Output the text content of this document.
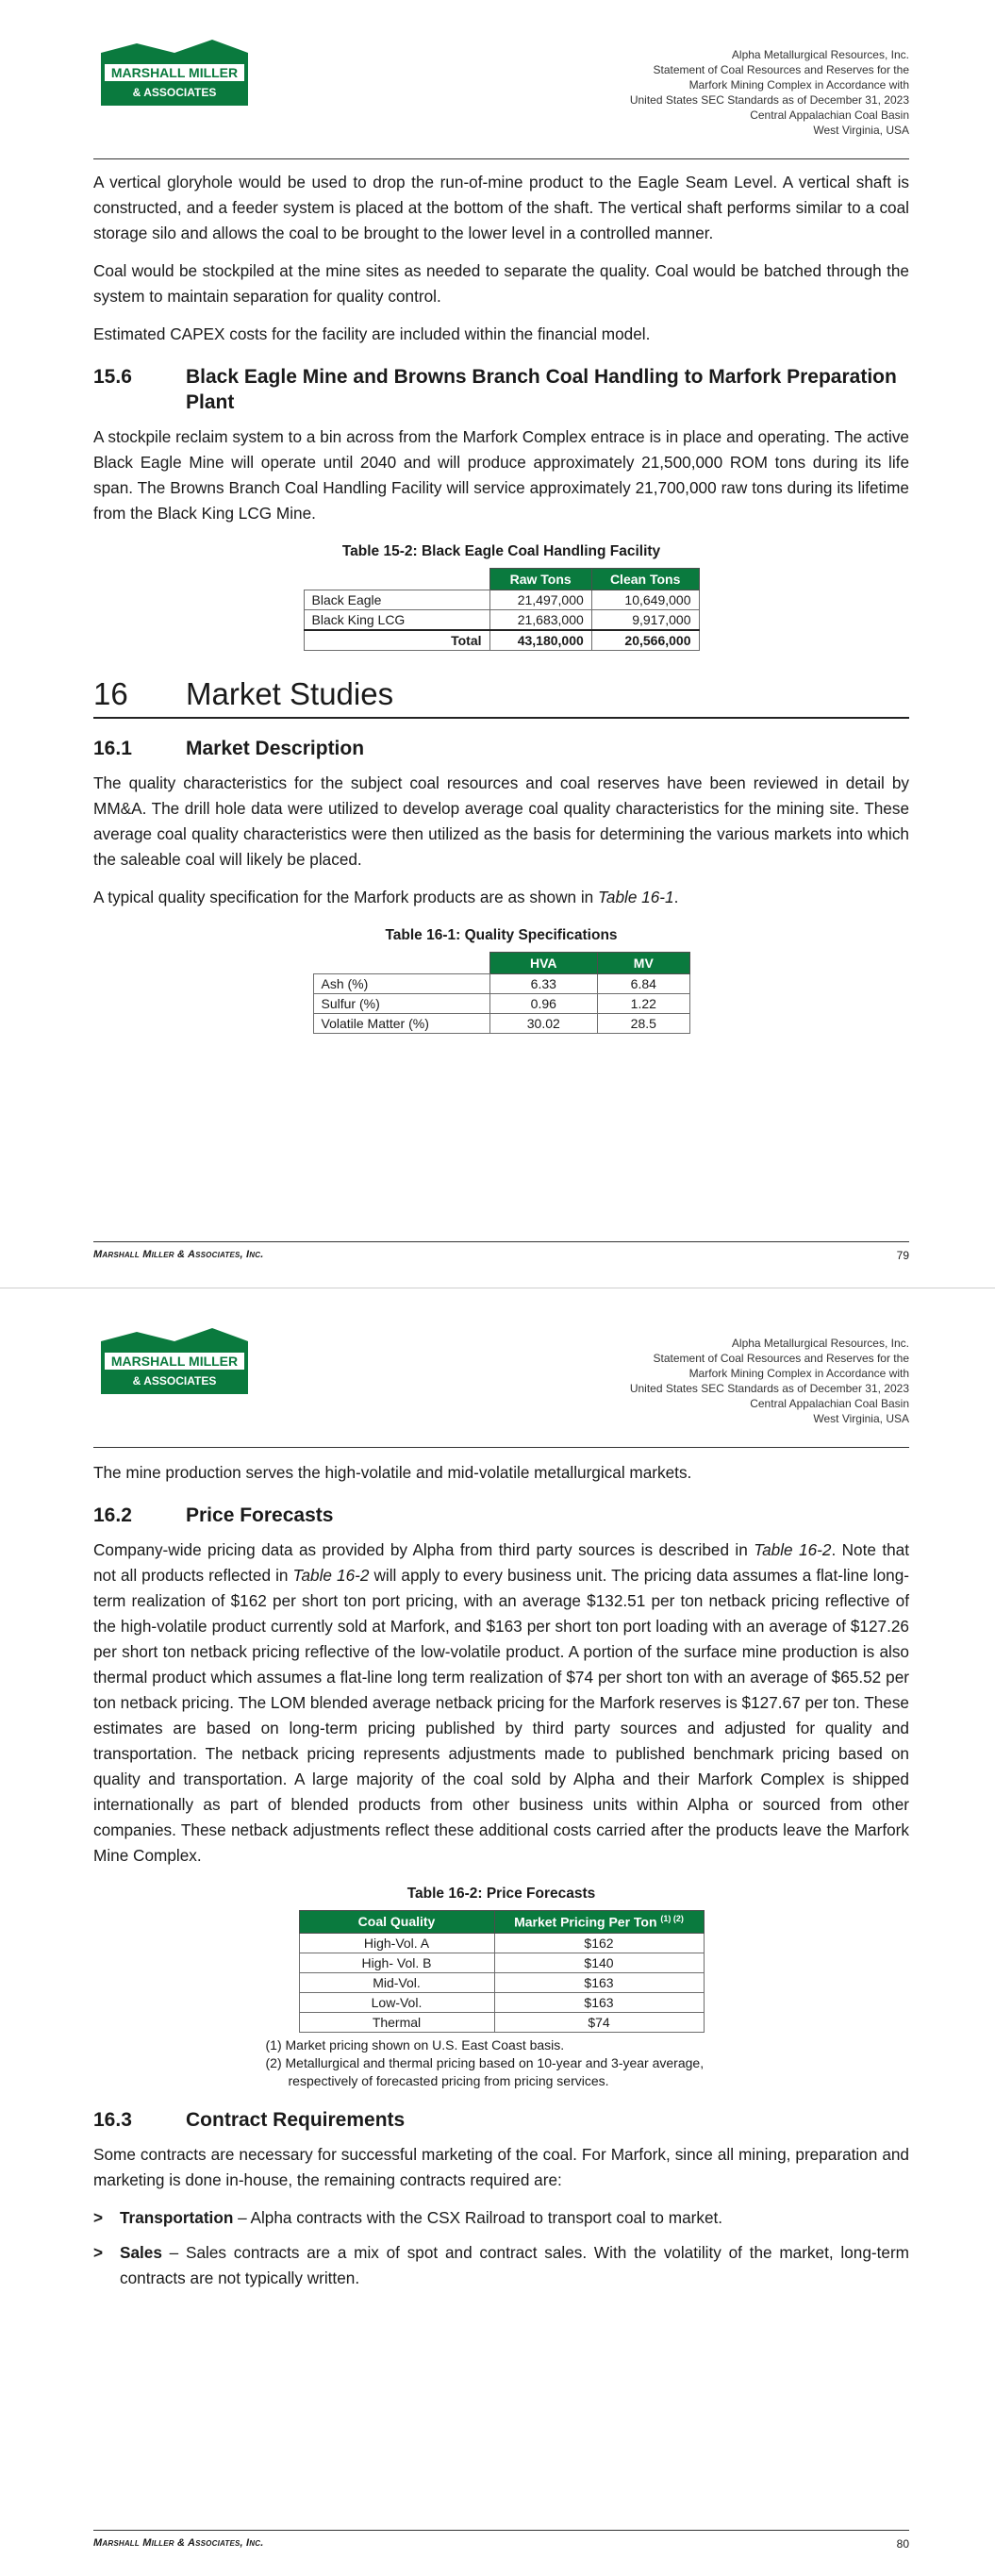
MARSHALL MILLER
& ASSOCIATES
Alpha Metallurgical Resources, Inc.
Statement of Coal Resources and Reserves for the
Marfork Mining Complex in Accordance with
United States SEC Standards as of December 31, 2023
Central Appalachian Coal Basin
West Virginia, USA

A vertical gloryhole would be used to drop the run-of-mine product to the Eagle Seam Level. A vertical shaft is constructed, and a feeder system is placed at the bottom of the shaft. The vertical shaft performs similar to a coal storage silo and allows the coal to be brought to the lower level in a controlled manner.

Coal would be stockpiled at the mine sites as needed to separate the quality. Coal would be batched through the system to maintain separation for quality control.

Estimated CAPEX costs for the facility are included within the financial model.

15.6	Black Eagle Mine and Browns Branch Coal Handling to Marfork Preparation Plant

A stockpile reclaim system to a bin across from the Marfork Complex entrace is in place and operating. The active Black Eagle Mine will operate until 2040 and will produce approximately 21,500,000 ROM tons during its life span. The Browns Branch Coal Handling Facility will service approximately 21,700,000 raw tons during its lifetime from the Black King LCG Mine.

Table 15-2: Black Eagle Coal Handling Facility
	Raw Tons	Clean Tons
Black Eagle	21,497,000	10,649,000
Black King LCG	21,683,000	9,917,000
Total	43,180,000	20,566,000
16	Market Studies
16.1	Market Description

The quality characteristics for the subject coal resources and coal reserves have been reviewed in detail by MM&A. The drill hole data were utilized to develop average coal quality characteristics for the mining site. These average coal quality characteristics were then utilized as the basis for determining the various markets into which the saleable coal will likely be placed.

A typical quality specification for the Marfork products are as shown in Table 16-1.

Table 16-1: Quality Specifications
	HVA	MV
Ash (%)	6.33	6.84
Sulfur (%)	0.96	1.22
Volatile Matter (%)	30.02	28.5
Marshall Miller & Associates, Inc.	79
MARSHALL MILLER
& ASSOCIATES
Alpha Metallurgical Resources, Inc.
Statement of Coal Resources and Reserves for the
Marfork Mining Complex in Accordance with
United States SEC Standards as of December 31, 2023
Central Appalachian Coal Basin
West Virginia, USA

The mine production serves the high-volatile and mid-volatile metallurgical markets.

16.2	Price Forecasts

Company-wide pricing data as provided by Alpha from third party sources is described in Table 16-2. Note that not all products reflected in Table 16-2 will apply to every business unit. The pricing data assumes a flat-line long-term realization of $162 per short ton port pricing, with an average $132.51 per ton netback pricing reflective of the high-volatile product currently sold at Marfork, and $163 per short ton port loading with an average of $127.26 per short ton netback pricing reflective of the low-volatile product. A portion of the surface mine production is also thermal product which assumes a flat-line long term realization of $74 per short ton with an average of $65.52 per ton netback pricing. The LOM blended average netback pricing for the Marfork reserves is $127.67 per ton. These estimates are based on long-term pricing published by third party sources and adjusted for quality and transportation. The netback pricing represents adjustments made to published benchmark pricing based on quality and transportation. A large majority of the coal sold by Alpha and their Marfork Complex is shipped internationally as part of blended products from other business units within Alpha or sourced from other companies. These netback adjustments reflect these additional costs carried after the products leave the Marfork Mine Complex.

Table 16-2: Price Forecasts
Coal Quality	Market Pricing Per Ton $^{(1) (2)}$
High-Vol. A	$162
High- Vol. B	$140
Mid-Vol.	$163
Low-Vol.	$163
Thermal	$74
(1) Market pricing shown on U.S. East Coast basis.
(2) Metallurgical and thermal pricing based on 10-year and 3-year average, respectively of forecasted pricing from pricing services.
16.3	Contract Requirements

Some contracts are necessary for successful marketing of the coal. For Marfork, since all mining, preparation and marketing is done in-house, the remaining contracts required are:

>	Transportation – Alpha contracts with the CSX Railroad to transport coal to market.
>	Sales – Sales contracts are a mix of spot and contract sales. With the volatility of the market, long-term contracts are not typically written.
Marshall Miller & Associates, Inc.	80
